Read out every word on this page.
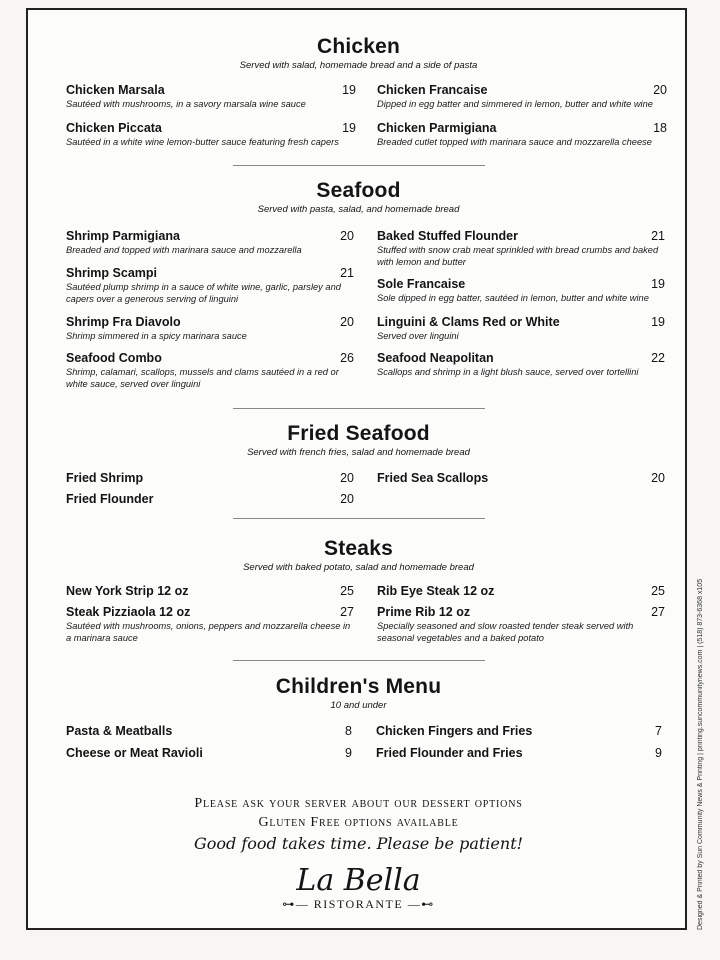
Chicken

Served with salad, homemade bread and a side of pasta

Chicken Marsala	19
Sautéed with mushrooms, in a savory marsala wine sauce
Chicken Piccata	19
Sautéed in a white wine lemon-butter sauce featuring fresh capers
Chicken Francaise	20
Dipped in egg batter and simmered in lemon, butter and white wine
Chicken Parmigiana	18
Breaded cutlet topped with marinara sauce and mozzarella cheese

Seafood

Served with pasta, salad, and homemade bread

Shrimp Parmigiana	20
Breaded and topped with marinara sauce and mozzarella
Shrimp Scampi	21
Sautéed plump shrimp in a sauce of white wine, garlic, parsley and capers over a generous serving of linguini
Shrimp Fra Diavolo	20
Shrimp simmered in a spicy marinara sauce
Seafood Combo	26
Shrimp, calamari, scallops, mussels and clams sautéed in a red or white sauce, served over linguini
Baked Stuffed Flounder	21
Stuffed with snow crab meat sprinkled with bread crumbs and baked with lemon and butter
Sole Francaise	19
Sole dipped in egg batter, sautéed in lemon, butter and white wine
Linguini & Clams Red or White	19
Served over linguini
Seafood Neapolitan	22
Scallops and shrimp in a light blush sauce, served over tortellini

Fried Seafood

Served with french fries, salad and homemade bread

Fried Shrimp	20
Fried Flounder	20
Fried Sea Scallops	20

Steaks

Served with baked potato, salad and homemade bread

New York Strip 12 oz	25
Steak Pizziaola 12 oz	27
Sautéed with mushrooms, onions, peppers and mozzarella cheese in a marinara sauce
Rib Eye Steak 12 oz	25
Prime Rib 12 oz	27
Specially seasoned and slow roasted tender steak served with seasonal vegetables and a baked potato

Children's Menu

10 and under

Pasta & Meatballs	8
Cheese or Meat Ravioli	9
Chicken Fingers and Fries	7
Fried Flounder and Fries	9
Please ask your server about our dessert options
Gluten Free options available
Good food takes time. Please be patient!
La Bella
⊶— RISTORANTE —⊷	Designed & Printed by Sun Community News & Printing | printing.suncommunitynews.com | (518) 873-6368 x105
